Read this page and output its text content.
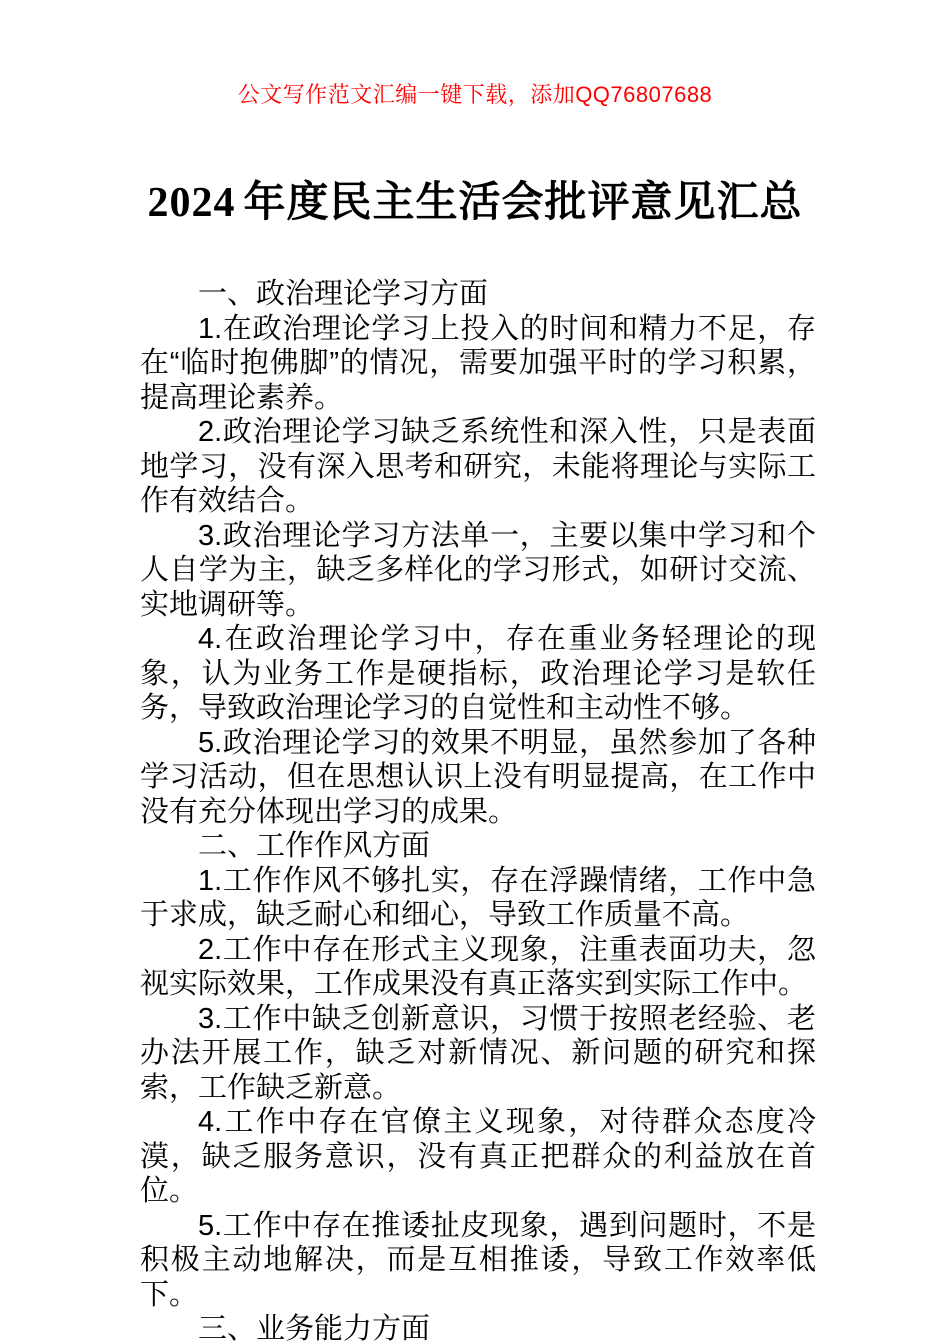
公文写作范文汇编一键下载，添加QQ76807688
2024 年度民主生活会批评意见汇总

一、政治理论学习方面

1.在政治理论学习上投入的时间和精力不足，存在“临时抱佛脚”的情况，需要加强平时的学习积累，提高理论素养。

2.政治理论学习缺乏系统性和深入性，只是表面地学习，没有深入思考和研究，未能将理论与实际工作有效结合。

3.政治理论学习方法单一，主要以集中学习和个人自学为主，缺乏多样化的学习形式，如研讨交流、实地调研等。

4.在政治理论学习中，存在重业务轻理论的现象，认为业务工作是硬指标，政治理论学习是软任务，导致政治理论学习的自觉性和主动性不够。

5.政治理论学习的效果不明显，虽然参加了各种学习活动，但在思想认识上没有明显提高，在工作中没有充分体现出学习的成果。

二、工作作风方面

1.工作作风不够扎实，存在浮躁情绪，工作中急于求成，缺乏耐心和细心，导致工作质量不高。

2.工作中存在形式主义现象，注重表面功夫，忽视实际效果，工作成果没有真正落实到实际工作中。

3.工作中缺乏创新意识，习惯于按照老经验、老办法开展工作，缺乏对新情况、新问题的研究和探索，工作缺乏新意。

4.工作中存在官僚主义现象，对待群众态度冷漠，缺乏服务意识，没有真正把群众的利益放在首位。

5.工作中存在推诿扯皮现象，遇到问题时，不是积极主动地解决，而是互相推诿，导致工作效率低下。

三、业务能力方面
